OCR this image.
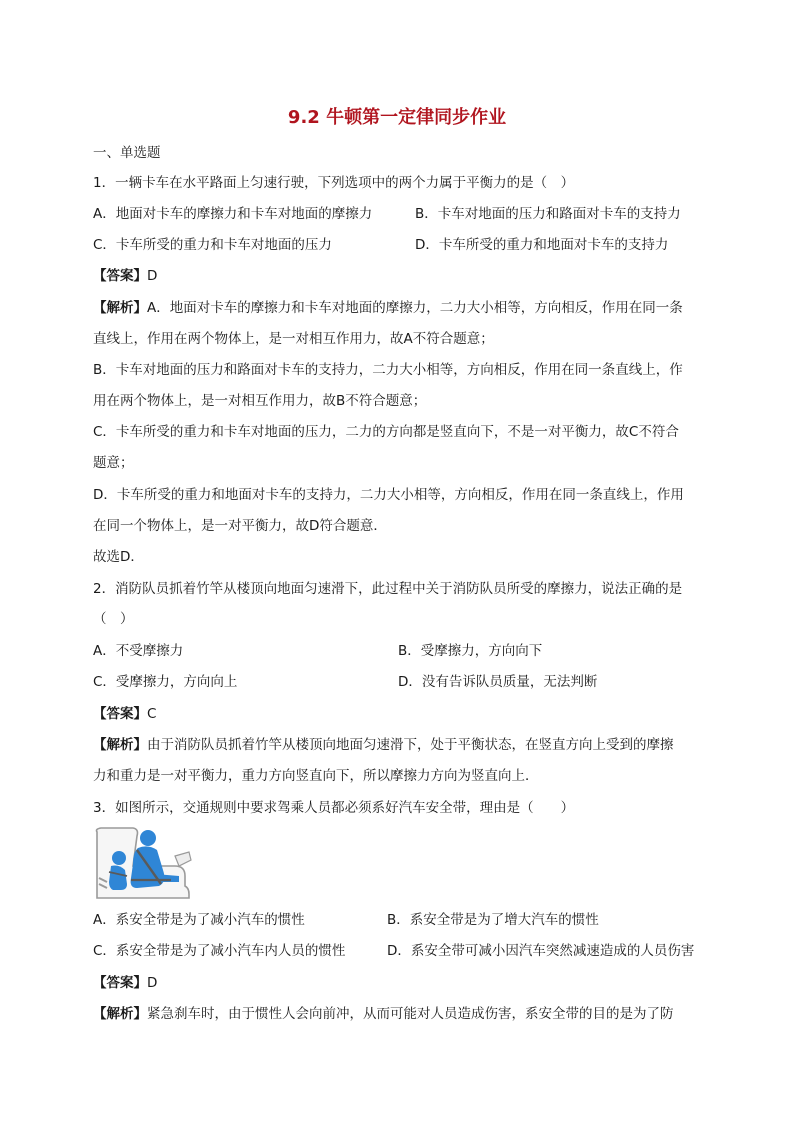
9.2 牛顿第一定律同步作业
一、单选题
1．一辆卡车在水平路面上匀速行驶，下列选项中的两个力属于平衡力的是（　）
A．地面对卡车的摩擦力和卡车对地面的摩擦力	B．卡车对地面的压力和路面对卡车的支持力
C．卡车所受的重力和卡车对地面的压力	D．卡车所受的重力和地面对卡车的支持力
【答案】D
【解析】A．地面对卡车的摩擦力和卡车对地面的摩擦力，二力大小相等，方向相反，作用在同一条
直线上，作用在两个物体上，是一对相互作用力，故A不符合题意；
B．卡车对地面的压力和路面对卡车的支持力，二力大小相等，方向相反，作用在同一条直线上，作
用在两个物体上，是一对相互作用力，故B不符合题意；
C．卡车所受的重力和卡车对地面的压力，二力的方向都是竖直向下，不是一对平衡力，故C不符合
题意；
D．卡车所受的重力和地面对卡车的支持力，二力大小相等，方向相反，作用在同一条直线上，作用
在同一个物体上，是一对平衡力，故D符合题意．
故选D．
2．消防队员抓着竹竿从楼顶向地面匀速滑下，此过程中关于消防队员所受的摩擦力，说法正确的是
（　）
A．不受摩擦力	B．受摩擦力，方向向下
C．受摩擦力，方向向上	D．没有告诉队员质量，无法判断
【答案】C
【解析】由于消防队员抓着竹竿从楼顶向地面匀速滑下，处于平衡状态，在竖直方向上受到的摩擦
力和重力是一对平衡力，重力方向竖直向下，所以摩擦力方向为竖直向上．
3．如图所示，交通规则中要求驾乘人员都必须系好汽车安全带，理由是（　　）
A．系安全带是为了减小汽车的惯性	B．系安全带是为了增大汽车的惯性
C．系安全带是为了减小汽车内人员的惯性	D．系安全带可减小因汽车突然减速造成的人员伤害
【答案】D
【解析】紧急刹车时，由于惯性人会向前冲，从而可能对人员造成伤害，系安全带的目的是为了防
